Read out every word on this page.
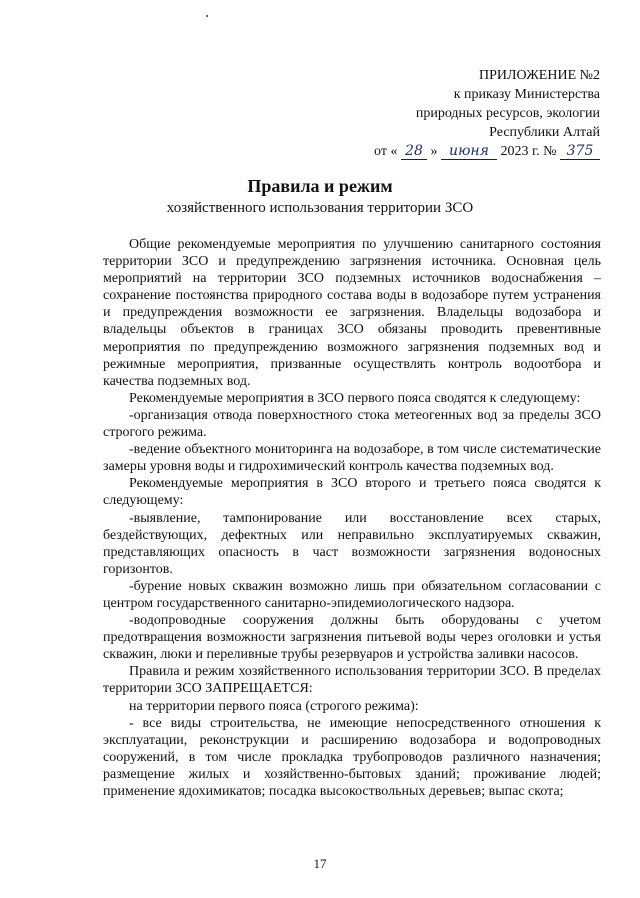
ПРИЛОЖЕНИЕ №2
к приказу Министерства
природных ресурсов, экологии
Республики Алтай
от « 28 » июня 2023 г. № 375
Правила и режим
хозяйственного использования территории ЗСО

Общие рекомендуемые мероприятия по улучшению санитарного состояния территории ЗСО и предупреждению загрязнения источника. Основная цель мероприятий на территории ЗСО подземных источников водоснабжения – сохранение постоянства природного состава воды в водозаборе путем устранения и предупреждения возможности ее загрязнения. Владельцы водозабора и владельцы объектов в границах ЗСО обязаны проводить превентивные мероприятия по предупреждению возможного загрязнения подземных вод и режимные мероприятия, призванные осуществлять контроль водоотбора и качества подземных вод.

Рекомендуемые мероприятия в ЗСО первого пояса сводятся к следующему:

-организация отвода поверхностного стока метеогенных вод за пределы ЗСО строгого режима.

-ведение объектного мониторинга на водозаборе, в том числе систематические замеры уровня воды и гидрохимический контроль качества подземных вод.

Рекомендуемые мероприятия в ЗСО второго и третьего пояса сводятся к следующему:

-выявление, тампонирование или восстановление всех старых, бездействующих, дефектных или неправильно эксплуатируемых скважин, представляющих опасность в част возможности загрязнения водоносных горизонтов.

-бурение новых скважин возможно лишь при обязательном согласовании с центром государственного санитарно-эпидемиологического надзора.

-водопроводные сооружения должны быть оборудованы с учетом предотвращения возможности загрязнения питьевой воды через оголовки и устья скважин, люки и переливные трубы резервуаров и устройства заливки насосов.

Правила и режим хозяйственного использования территории ЗСО. В пределах территории ЗСО ЗАПРЕЩАЕТСЯ:

на территории первого пояса (строгого режима):

- все виды строительства, не имеющие непосредственного отношения к эксплуатации, реконструкции и расширению водозабора и водопроводных сооружений, в том числе прокладка трубопроводов различного назначения; размещение жилых и хозяйственно-бытовых зданий; проживание людей; применение ядохимикатов; посадка высокоствольных деревьев; выпас скота;

17
